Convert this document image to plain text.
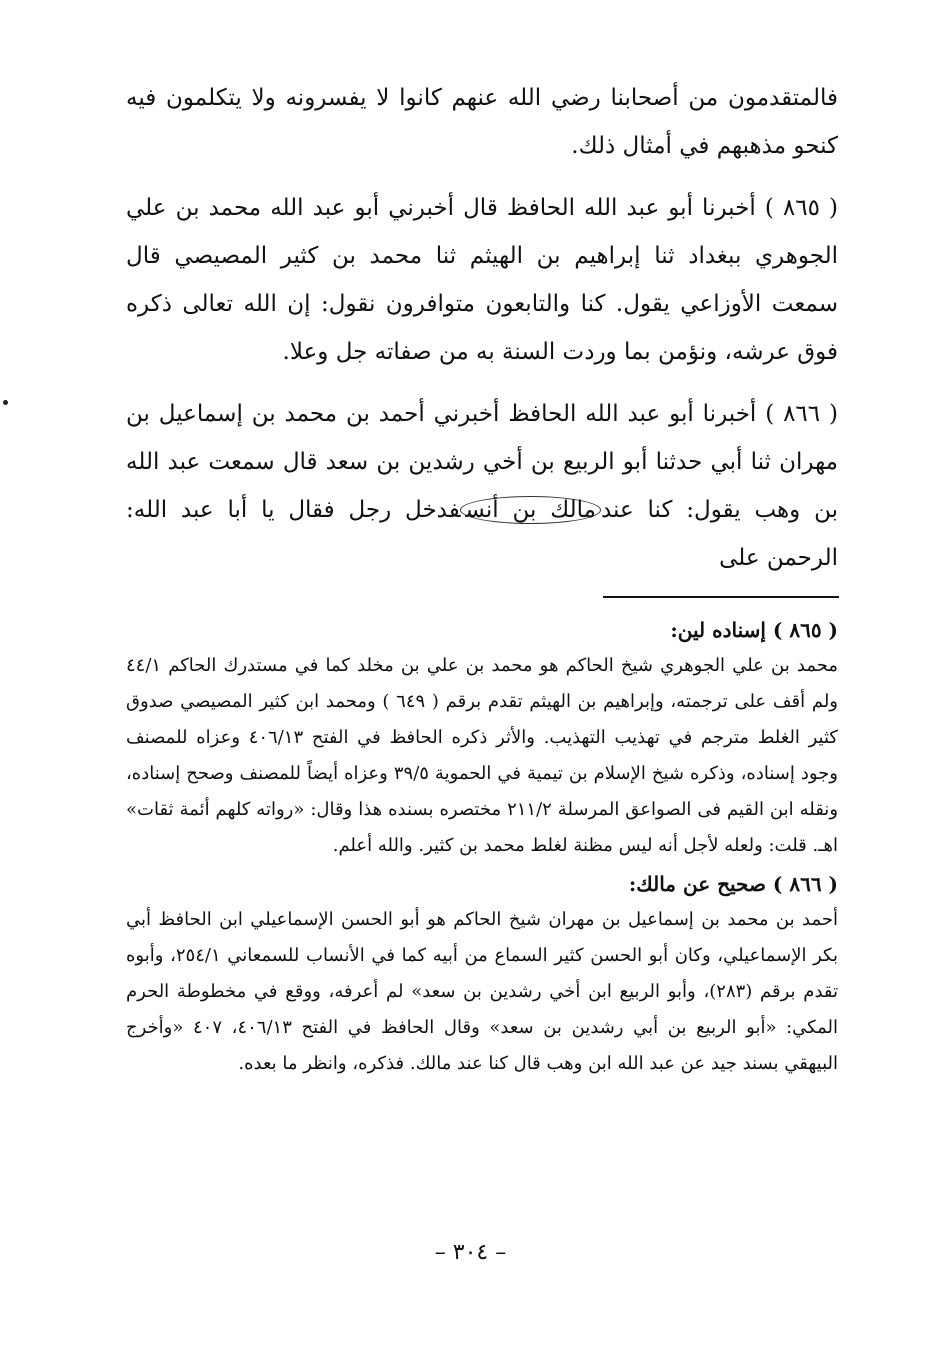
فالمتقدمون من أصحابنا رضي الله عنهم كانوا لا يفسرونه ولا يتكلمون فيه كنحو مذهبهم في أمثال ذلك.

( ٨٦٥ ) أخبرنا أبو عبد الله الحافظ قال أخبرني أبو عبد الله محمد بن علي الجوهري ببغداد ثنا إبراهيم بن الهيثم ثنا محمد بن كثير المصيصي قال سمعت الأوزاعي يقول. كنا والتابعون متوافرون نقول: إن الله تعالى ذكره فوق عرشه، ونؤمن بما وردت السنة به من صفاته جل وعلا.

( ٨٦٦ ) أخبرنا أبو عبد الله الحافظ أخبرني أحمد بن محمد بن إسماعيل بن مهران ثنا أبي حدثنا أبو الربيع بن أخي رشدين بن سعد قال سمعت عبد الله بن وهب يقول: كنا عندمالك بن أنسفدخل رجل فقال يا أبا عبد الله: الرحمن على

( ٨٦٥ ) إسناده لين:

محمد بن علي الجوهري شيخ الحاكم هو محمد بن علي بن مخلد كما في مستدرك الحاكم ٤٤/١ ولم أقف على ترجمته، وإبراهيم بن الهيثم تقدم برقم ( ٦٤٩ ) ومحمد ابن كثير المصيصي صدوق كثير الغلط مترجم في تهذيب التهذيب. والأثر ذكره الحافظ في الفتح ٤٠٦/١٣ وعزاه للمصنف وجود إسناده، وذكره شيخ الإسلام بن تيمية في الحموية ٣٩/٥ وعزاه أيضاً للمصنف وصحح إسناده، ونقله ابن القيم فى الصواعق المرسلة ٢١١/٢ مختصره بسنده هذا وقال: «رواته كلهم أئمة ثقات» اهـ. قلت: ولعله لأجل أنه ليس مظنة لغلط محمد بن كثير. والله أعلم.

( ٨٦٦ ) صحيح عن مالك:

أحمد بن محمد بن إسماعيل بن مهران شيخ الحاكم هو أبو الحسن الإسماعيلي ابن الحافظ أبي بكر الإسماعيلي، وكان أبو الحسن كثير السماع من أبيه كما في الأنساب للسمعاني ٢٥٤/١، وأبوه تقدم برقم (٢٨٣)، وأبو الربيع ابن أخي رشدين بن سعد» لم أعرفه، ووقع في مخطوطة الحرم المكي: «أبو الربيع بن أبي رشدين بن سعد» وقال الحافظ في الفتح ٤٠٦/١٣، ٤٠٧ «وأخرج البيهقي بسند جيد عن عبد الله ابن وهب قال كنا عند مالك. فذكره، وانظر ما بعده.

– ٣٠٤ –
